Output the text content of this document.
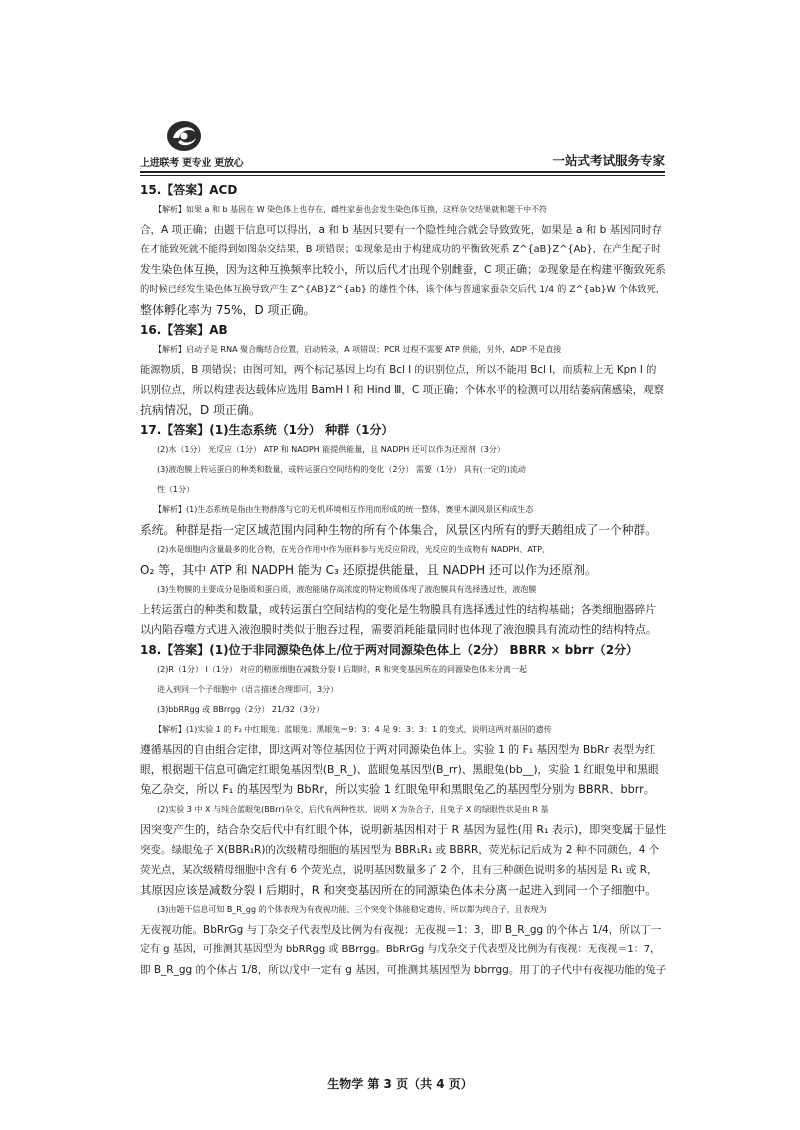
上进联考 更专业 更放心	一站式考试服务专家
15.【答案】ACD
【解析】如果 a 和 b 基因在 W 染色体上也存在，雌性家蚕也会发生染色体互换，这样杂交结果就和题干中不符
合，A 项正确；由题干信息可以得出，a 和 b 基因只要有一个隐性纯合就会导致致死，如果是 a 和 b 基因同时存
在才能致死就不能得到如图杂交结果，B 项错误；①现象是由于构建成功的平衡致死系 Z^{aB}Z^{Ab}，在产生配子时
发生染色体互换，因为这种互换频率比较小，所以后代才出现个别雌蚕，C 项正确；②现象是在构建平衡致死系
的时候已经发生染色体互换导致产生 Z^{AB}Z^{ab} 的雄性个体，该个体与普通家蚕杂交后代 1/4 的 Z^{ab}W 个体致死，
整体孵化率为 75%，D 项正确。
16.【答案】AB
【解析】启动子是 RNA 聚合酶结合位置，启动转录，A 项错误；PCR 过程不需要 ATP 供能，另外，ADP 不是直接
能源物质，B 项错误；由图可知，两个标记基因上均有 Bcl Ⅰ 的识别位点，所以不能用 Bcl Ⅰ，而质粒上无 Kpn Ⅰ 的
识别位点，所以构建表达载体应选用 BamH Ⅰ 和 Hind Ⅲ，C 项正确；个体水平的检测可以用结萎病菌感染，观察
抗病情况，D 项正确。
17.【答案】(1)生态系统（1分） 种群（1分）
(2)水（1分） 光反应（1分） ATP 和 NADPH 能提供能量，且 NADPH 还可以作为还原剂（3分）
(3)液泡膜上转运蛋白的种类和数量，或转运蛋白空间结构的变化（2分） 需要（1分） 具有(一定的)流动
性（1分）
【解析】(1)生态系统是指由生物群落与它的无机环境相互作用而形成的统一整体，赛里木湖风景区构成生态
系统。种群是指一定区域范围内同种生物的所有个体集合，风景区内所有的野天鹅组成了一个种群。
(2)水是细胞内含量最多的化合物，在光合作用中作为原料参与光反应阶段，光反应的生成物有 NADPH、ATP、
O₂ 等，其中 ATP 和 NADPH 能为 C₃ 还原提供能量，且 NADPH 还可以作为还原剂。
(3)生物膜的主要成分是脂质和蛋白质，液泡能储存高浓度的特定物质体现了液泡膜具有选择透过性，液泡膜
上转运蛋白的种类和数量，或转运蛋白空间结构的变化是生物膜具有选择透过性的结构基础；各类细胞器碎片
以内陷吞噬方式进入液泡膜时类似于胞吞过程，需要消耗能量同时也体现了液泡膜具有流动性的结构特点。
18.【答案】(1)位于非同源染色体上/位于两对同源染色体上（2分） BBRR × bbrr（2分）
(2)R（1分） Ⅰ（1分） 对应的精原细胞在减数分裂 Ⅰ 后期时，R 和突变基因所在的同源染色体未分离一起
进入到同一个子细胞中（语言描述合理即可，3分）
(3)bbRRgg 或 BBrrgg（2分） 21/32（3分）
【解析】(1)实验 1 的 F₂ 中红眼兔：蓝眼兔：黑眼兔＝9：3：4 是 9：3：3：1 的变式，说明这两对基因的遗传
遵循基因的自由组合定律，即这两对等位基因位于两对同源染色体上。实验 1 的 F₁ 基因型为 BbRr 表型为红
眼，根据题干信息可确定红眼兔基因型(B_R_)、蓝眼兔基因型(B_rr)、黑眼兔(bb__)，实验 1 红眼兔甲和黑眼
兔乙杂交，所以 F₁ 的基因型为 BbRr，所以实验 1 红眼兔甲和黑眼兔乙的基因型分别为 BBRR、bbrr。
(2)实验 3 中 X 与纯合蓝眼兔(BBrr)杂交，后代有两种性状，说明 X 为杂合子，且兔子 X 的绿眼性状是由 R 基
因突变产生的，结合杂交后代中有红眼个体，说明新基因相对于 R 基因为显性(用 R₁ 表示)，即突变属于显性
突变。绿眼兔子 X(BBR₁R)的次级精母细胞的基因型为 BBR₁R₁ 或 BBRR，荧光标记后成为 2 种不同颜色，4 个
荧光点，某次级精母细胞中含有 6 个荧光点，说明基因数量多了 2 个，且有三种颜色说明多的基因是 R₁ 或 R，
其原因应该是减数分裂 Ⅰ 后期时，R 和突变基因所在的同源染色体未分离一起进入到同一个子细胞中。
(3)由题干信息可知 B_R_gg 的个体表现为有夜视功能，三个突变个体能稳定遗传，所以都为纯合子，且表现为
无夜视功能。BbRrGg 与丁杂交子代表型及比例为有夜视：无夜视＝1：3，即 B_R_gg 的个体占 1/4，所以丁一
定有 g 基因，可推测其基因型为 bbRRgg 或 BBrrgg。BbRrGg 与戊杂交子代表型及比例为有夜视：无夜视＝1：7，
即 B_R_gg 的个体占 1/8，所以戊中一定有 g 基因，可推测其基因型为 bbrrgg。用丁的子代中有夜视功能的兔子
生物学 第 3 页（共 4 页）
